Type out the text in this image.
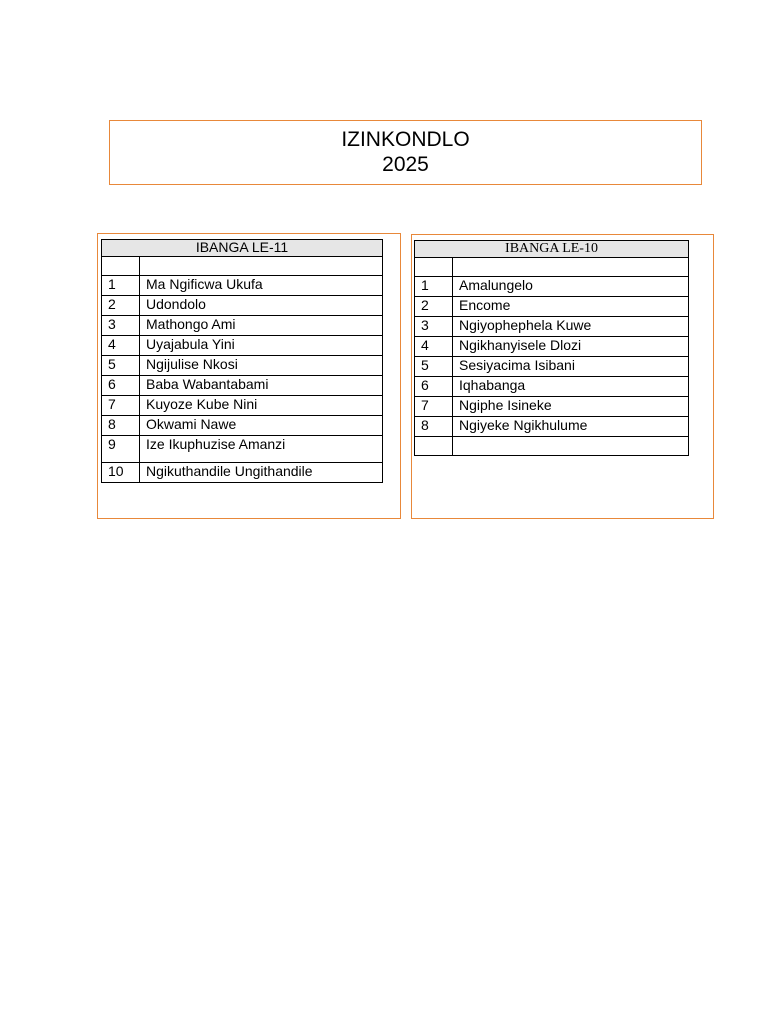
IZINKONDLO
2025
IBANGA LE-11	

1	Ma Ngificwa Ukufa
2	Udondolo
3	Mathongo Ami
4	Uyajabula Yini
5	Ngijulise Nkosi
6	Baba Wabantabami
7	Kuyoze Kube Nini
8	Okwami Nawe
9	Ize Ikuphuzise Amanzi
10	Ngikuthandile Ungithandile
IBANGA LE-10	

1	Amalungelo
2	Encome
3	Ngiyophephela Kuwe
4	Ngikhanyisele Dlozi
5	Sesiyacima Isibani
6	Iqhabanga
7	Ngiphe Isineke
8	Ngiyeke Ngikhulume
